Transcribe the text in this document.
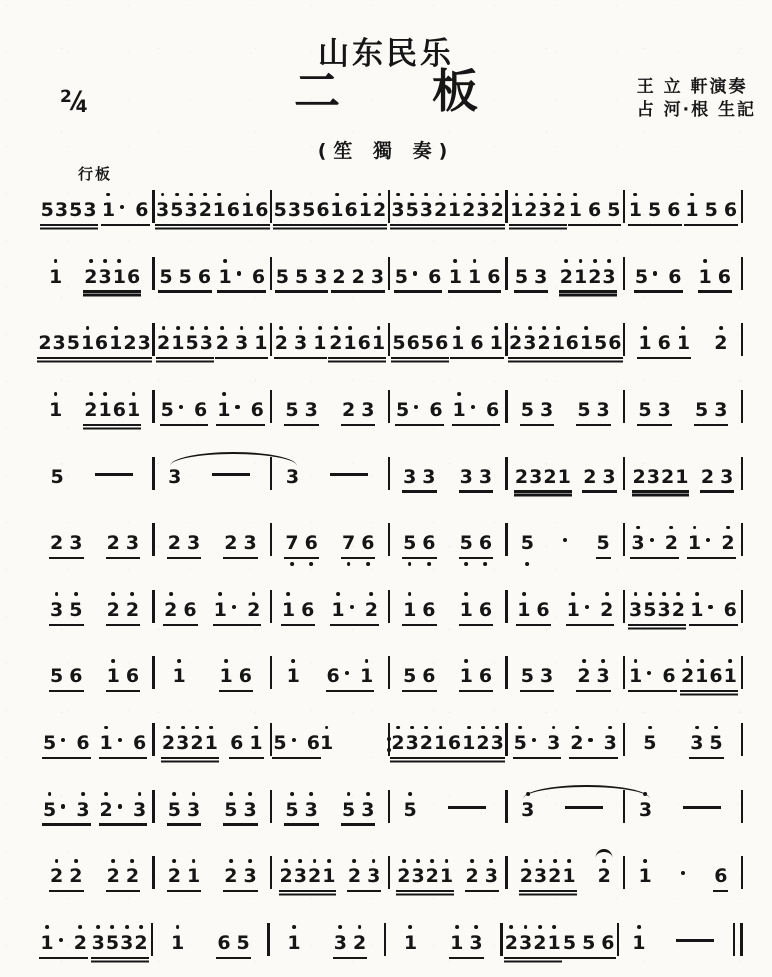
山东民乐
二　　板
2/4
王 立 軒演奏
占 河·根 生記
(笙 獨 奏)
行板
5353 1 6 3532 1616 5356 1612 3532 1232 1232 1 6 5 1 5 6 1 5 6
1 2316 5 5 6 1 6 5 5 3 2 2 3 5 6 1 1 6 5 3 2123 5 6 1 6
2351 6123 2153 2 3 1 2 3 1 2161 5656 1 6 1 2321 6156 1 6 1 2
1 2161 5 6 1 6 5 3 2 3 5 6 1 6 5 3 5 3 5 3 5 3
5	3	3	3 3 3 3 2321 2 3 2321 2 3
2 3 2 3 2 3 2 3 7 6 7 6 5 6 5 6 5	5 3 2 1 2
3 5 2 2 2 6 1 2 1 6 1 2 1 6 1 6 1 6 1 2 3532 1 6
5 6 1 6 1 1 6 1 6 1 5 6 1 6 5 3 2 3 1 6 2161
5 6 1 6 2321 6 1 5 6 1	2321 6123 5 3 2 3 5 3 5
5 3 2 3 5 3 5 3 5 3 5 3 5	3	3
2 2 2 2 2 1 2 3 2321 2 3 2321 2 3 2321 2 1	6
1 2 3532 1 6 5 1 3 2 1 1 3 2321 5 5 6 1
